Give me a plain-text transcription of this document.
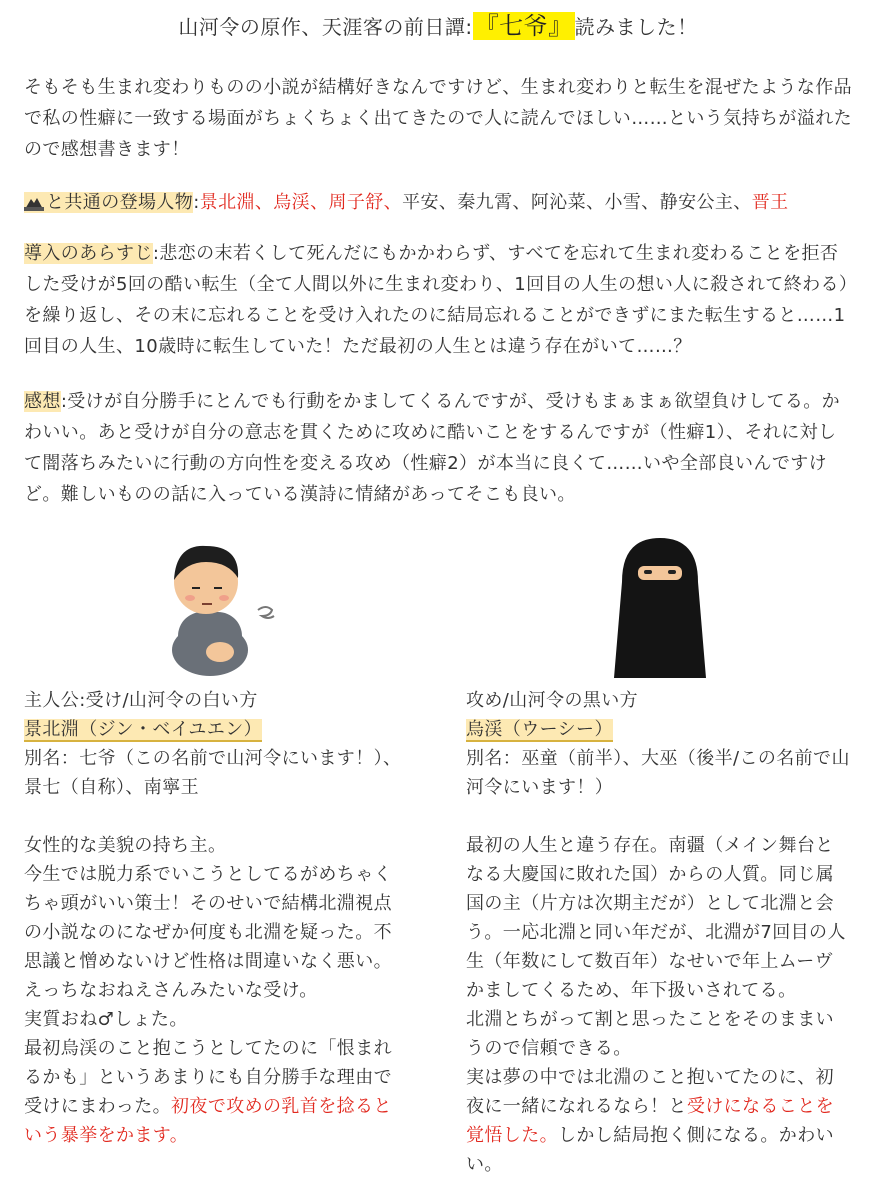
山河令の原作、天涯客の前日譚:『七爷』 読みました！

そもそも生まれ変わりものの小説が結構好きなんですけど、生まれ変わりと転生を混ぜたような作品で私の性癖に一致する場面がちょくちょく出てきたので人に読んでほしい……という気持ちが溢れたので感想書きます！

と共通の登場人物:景北淵、烏渓、周子舒、平安、秦九霄、阿沁菜、小雪、静安公主、晋王

導入のあらすじ:悲恋の末若くして死んだにもかかわらず、すべてを忘れて生まれ変わることを拒否した受けが5回の酷い転生（全て人間以外に生まれ変わり、1回目の人生の想い人に殺されて終わる）を繰り返し、その末に忘れることを受け入れたのに結局忘れることができずにまた転生すると……1回目の人生、10歳時に転生していた！ただ最初の人生とは違う存在がいて……？

感想:受けが自分勝手にとんでも行動をかましてくるんですが、受けもまぁまぁ欲望負けしてる。かわいい。あと受けが自分の意志を貫くために攻めに酷いことをするんですが（性癖1）、それに対して闇落ちみたいに行動の方向性を変える攻め（性癖2）が本当に良くて……いや全部良いんですけど。難しいものの話に入っている漢詩に情緒があってそこも良い。

主人公:受け/山河令の白い方

景北淵（ジン・ベイユエン）

別名：七爷（この名前で山河令にいます！）、景七（自称）、南寧王

女性的な美貌の持ち主。

今生では脱力系でいこうとしてるがめちゃくちゃ頭がいい策士！そのせいで結構北淵視点の小説なのになぜか何度も北淵を疑った。不思議と憎めないけど性格は間違いなく悪い。

えっちなおねえさんみたいな受け。

実質おね♂しょた。

最初烏渓のこと抱こうとしてたのに「恨まれるかも」というあまりにも自分勝手な理由で受けにまわった。初夜で攻めの乳首を捻るという暴挙をかます。

攻め/山河令の黒い方

烏渓（ウーシー）

別名：巫童（前半）、大巫（後半/この名前で山河令にいます！）

最初の人生と違う存在。南疆（メイン舞台となる大慶国に敗れた国）からの人質。同じ属国の主（片方は次期主だが）として北淵と会う。一応北淵と同い年だが、北淵が7回目の人生（年数にして数百年）なせいで年上ムーヴかましてくるため、年下扱いされてる。

北淵とちがって割と思ったことをそのままいうので信頼できる。

実は夢の中では北淵のこと抱いてたのに、初夜に一緒になれるなら！と受けになることを覚悟した。しかし結局抱く側になる。かわいい。
